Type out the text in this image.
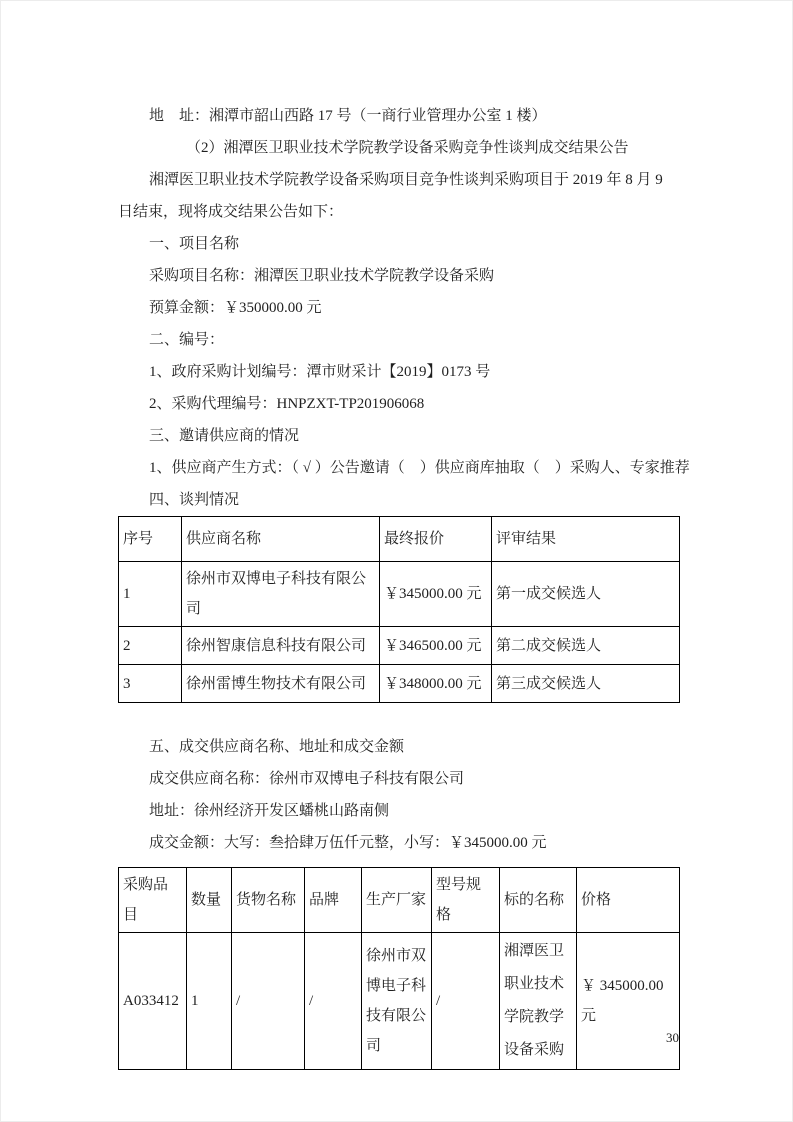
地　址：湘潭市韶山西路 17 号（一商行业管理办公室 1 楼）

（2）湘潭医卫职业技术学院教学设备采购竞争性谈判成交结果公告

湘潭医卫职业技术学院教学设备采购项目竞争性谈判采购项目于 2019 年 8 月 9 日结束，现将成交结果公告如下：

一、项目名称

采购项目名称：湘潭医卫职业技术学院教学设备采购

预算金额：￥350000.00 元

二、编号：

1、政府采购计划编号：潭市财采计【2019】0173 号

2、采购代理编号：HNPZXT-TP201906068

三、邀请供应商的情况

1、供应商产生方式：（ √ ）公告邀请（　）供应商库抽取（　）采购人、专家推荐

四、谈判情况

序号	供应商名称	最终报价	评审结果
1	徐州市双博电子科技有限公司	￥345000.00 元	第一成交候选人
2	徐州智康信息科技有限公司	￥346500.00 元	第二成交候选人
3	徐州雷博生物技术有限公司	￥348000.00 元	第三成交候选人

五、成交供应商名称、地址和成交金额

成交供应商名称：徐州市双博电子科技有限公司

地址：徐州经济开发区蟠桃山路南侧

成交金额：大写：叁拾肆万伍仟元整，小写：￥345000.00 元

采购品目	数量	货物名称	品牌	生产厂家	型号规格	标的名称	价格
A033412	1	/	/	徐州市双博电子科技有限公司	/	湘潭医卫职业技术学院教学设备采购	￥ 345000.00 元
30
